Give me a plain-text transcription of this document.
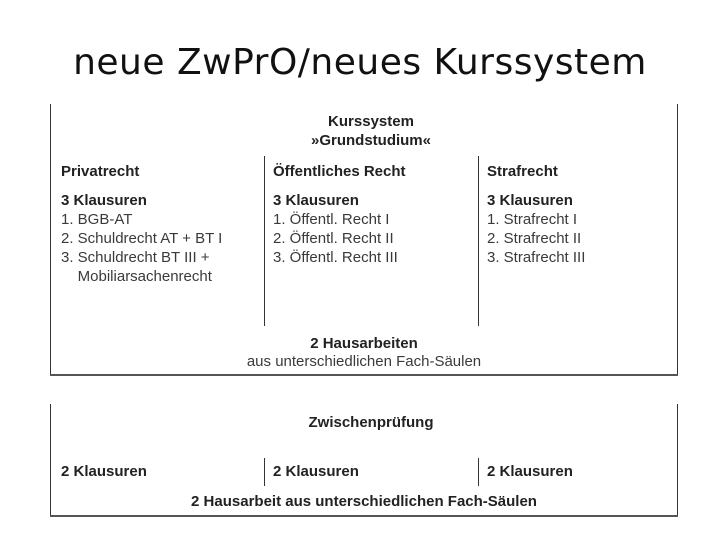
neue ZwPrO/neues Kurssystem
Kurssystem
»Grundstudium«
Privatrecht
3 Klausuren
1. BGB-AT
2. Schuldrecht AT + BT I
3. Schuldrecht BT III +
Mobiliarsachenrecht
Öffentliches Recht
3 Klausuren
1. Öffentl. Recht I
2. Öffentl. Recht II
3. Öffentl. Recht III
Strafrecht
3 Klausuren
1. Strafrecht I
2. Strafrecht II
3. Strafrecht III
2 Hausarbeiten
aus unterschiedlichen Fach-Säulen
Zwischenprüfung
2 Klausuren	2 Klausuren	2 Klausuren
2 Hausarbeit aus unterschiedlichen Fach-Säulen
